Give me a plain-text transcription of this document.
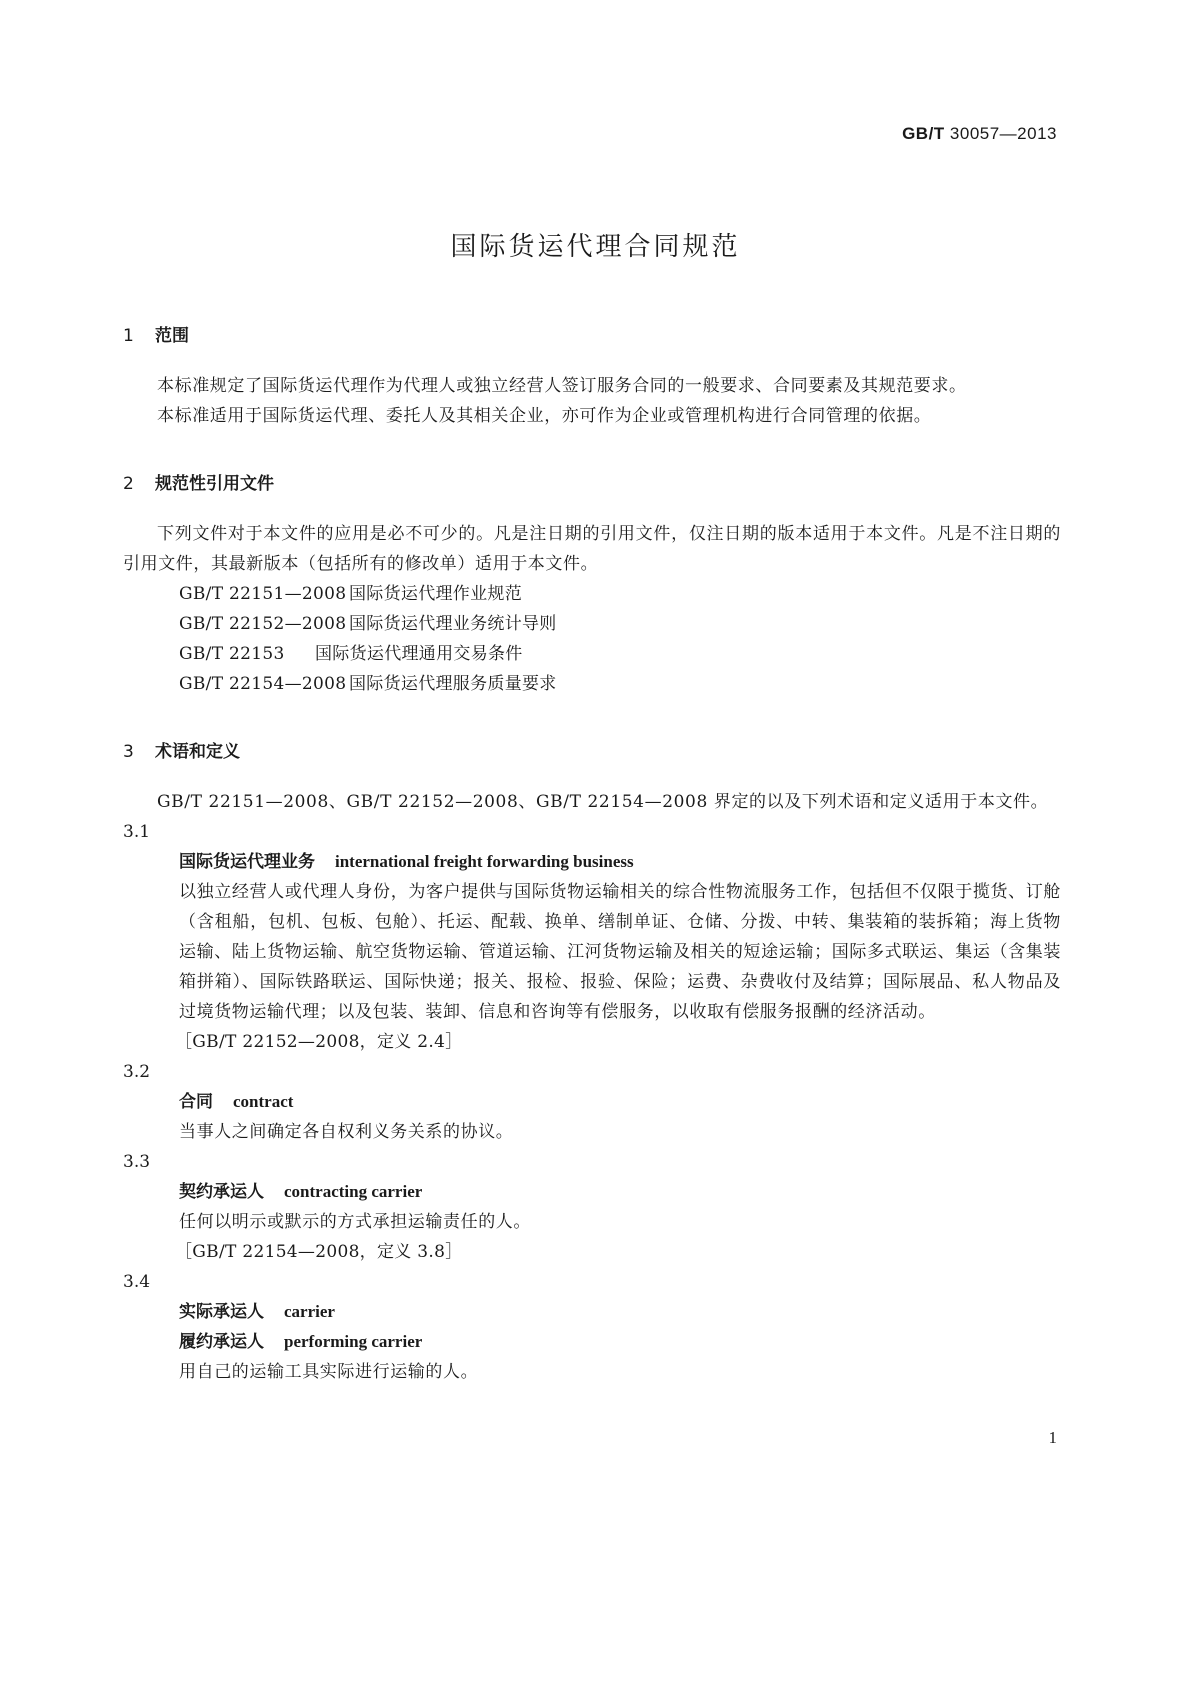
GB/T 30057—2013
国际货运代理合同规范

1 范围

本标准规定了国际货运代理作为代理人或独立经营人签订服务合同的一般要求、合同要素及其规范要求。

本标准适用于国际货运代理、委托人及其相关企业，亦可作为企业或管理机构进行合同管理的依据。

2 规范性引用文件

下列文件对于本文件的应用是必不可少的。凡是注日期的引用文件，仅注日期的版本适用于本文件。凡是不注日期的引用文件，其最新版本（包括所有的修改单）适用于本文件。

GB/T 22151—2008 国际货运代理作业规范

GB/T 22152—2008 国际货运代理业务统计导则

GB/T 22153 国际货运代理通用交易条件

GB/T 22154—2008 国际货运代理服务质量要求

3 术语和定义

GB/T 22151—2008、GB/T 22152—2008、GB/T 22154—2008 界定的以及下列术语和定义适用于本文件。

3.1

国际货运代理业务 international freight forwarding business

以独立经营人或代理人身份，为客户提供与国际货物运输相关的综合性物流服务工作，包括但不仅限于揽货、订舱（含租船，包机、包板、包舱）、托运、配载、换单、缮制单证、仓储、分拨、中转、集装箱的装拆箱；海上货物运输、陆上货物运输、航空货物运输、管道运输、江河货物运输及相关的短途运输；国际多式联运、集运（含集装箱拼箱）、国际铁路联运、国际快递；报关、报检、报验、保险；运费、杂费收付及结算；国际展品、私人物品及过境货物运输代理；以及包装、装卸、信息和咨询等有偿服务，以收取有偿服务报酬的经济活动。

［GB/T 22152—2008，定义 2.4］

3.2

合同 contract

当事人之间确定各自权利义务关系的协议。

3.3

契约承运人 contracting carrier

任何以明示或默示的方式承担运输责任的人。

［GB/T 22154—2008，定义 3.8］

3.4

实际承运人 carrier

履约承运人 performing carrier

用自己的运输工具实际进行运输的人。

1
